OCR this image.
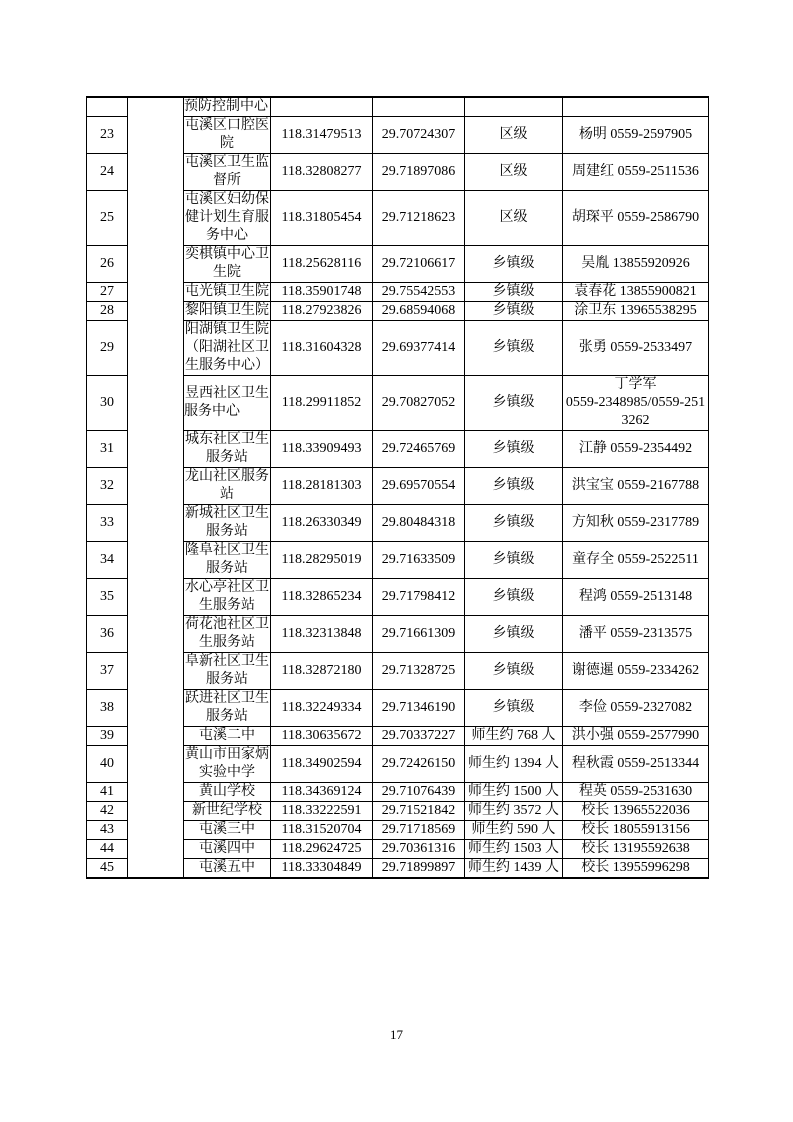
		预防控制中心				
23		屯溪区口腔医院	118.31479513	29.70724307	区级	杨明 0559-2597905
24		屯溪区卫生监督所	118.32808277	29.71897086	区级	周建红 0559-2511536
25		屯溪区妇幼保健计划生育服务中心	118.31805454	29.71218623	区级	胡琛平 0559-2586790
26		奕棋镇中心卫生院	118.25628116	29.72106617	乡镇级	吴胤 13855920926
27		屯光镇卫生院	118.35901748	29.75542553	乡镇级	袁春花 13855900821
28		黎阳镇卫生院	118.27923826	29.68594068	乡镇级	涂卫东 13965538295
29		阳湖镇卫生院（阳湖社区卫生服务中心）	118.31604328	29.69377414	乡镇级	张勇 0559-2533497
30		昱西社区卫生服务中心	118.29911852	29.70827052	乡镇级	丁学军
0559-2348985/0559-2513262
31		城东社区卫生服务站	118.33909493	29.72465769	乡镇级	江静 0559-2354492
32		龙山社区服务站	118.28181303	29.69570554	乡镇级	洪宝宝 0559-2167788
33		新城社区卫生服务站	118.26330349	29.80484318	乡镇级	方知秋 0559-2317789
34		隆阜社区卫生服务站	118.28295019	29.71633509	乡镇级	童存全 0559-2522511
35		水心亭社区卫生服务站	118.32865234	29.71798412	乡镇级	程鸿 0559-2513148
36		荷花池社区卫生服务站	118.32313848	29.71661309	乡镇级	潘平 0559-2313575
37		阜新社区卫生服务站	118.32872180	29.71328725	乡镇级	谢德暹 0559-2334262
38		跃进社区卫生服务站	118.32249334	29.71346190	乡镇级	李俭 0559-2327082
39		屯溪二中	118.30635672	29.70337227	师生约 768 人	洪小强 0559-2577990
40		黄山市田家炳实验中学	118.34902594	29.72426150	师生约 1394 人	程秋霞 0559-2513344
41		黄山学校	118.34369124	29.71076439	师生约 1500 人	程英 0559-2531630
42		新世纪学校	118.33222591	29.71521842	师生约 3572 人	校长 13965522036
43		屯溪三中	118.31520704	29.71718569	师生约 590 人	校长 18055913156
44		屯溪四中	118.29624725	29.70361316	师生约 1503 人	校长 13195592638
45		屯溪五中	118.33304849	29.71899897	师生约 1439 人	校长 13955996298
17
